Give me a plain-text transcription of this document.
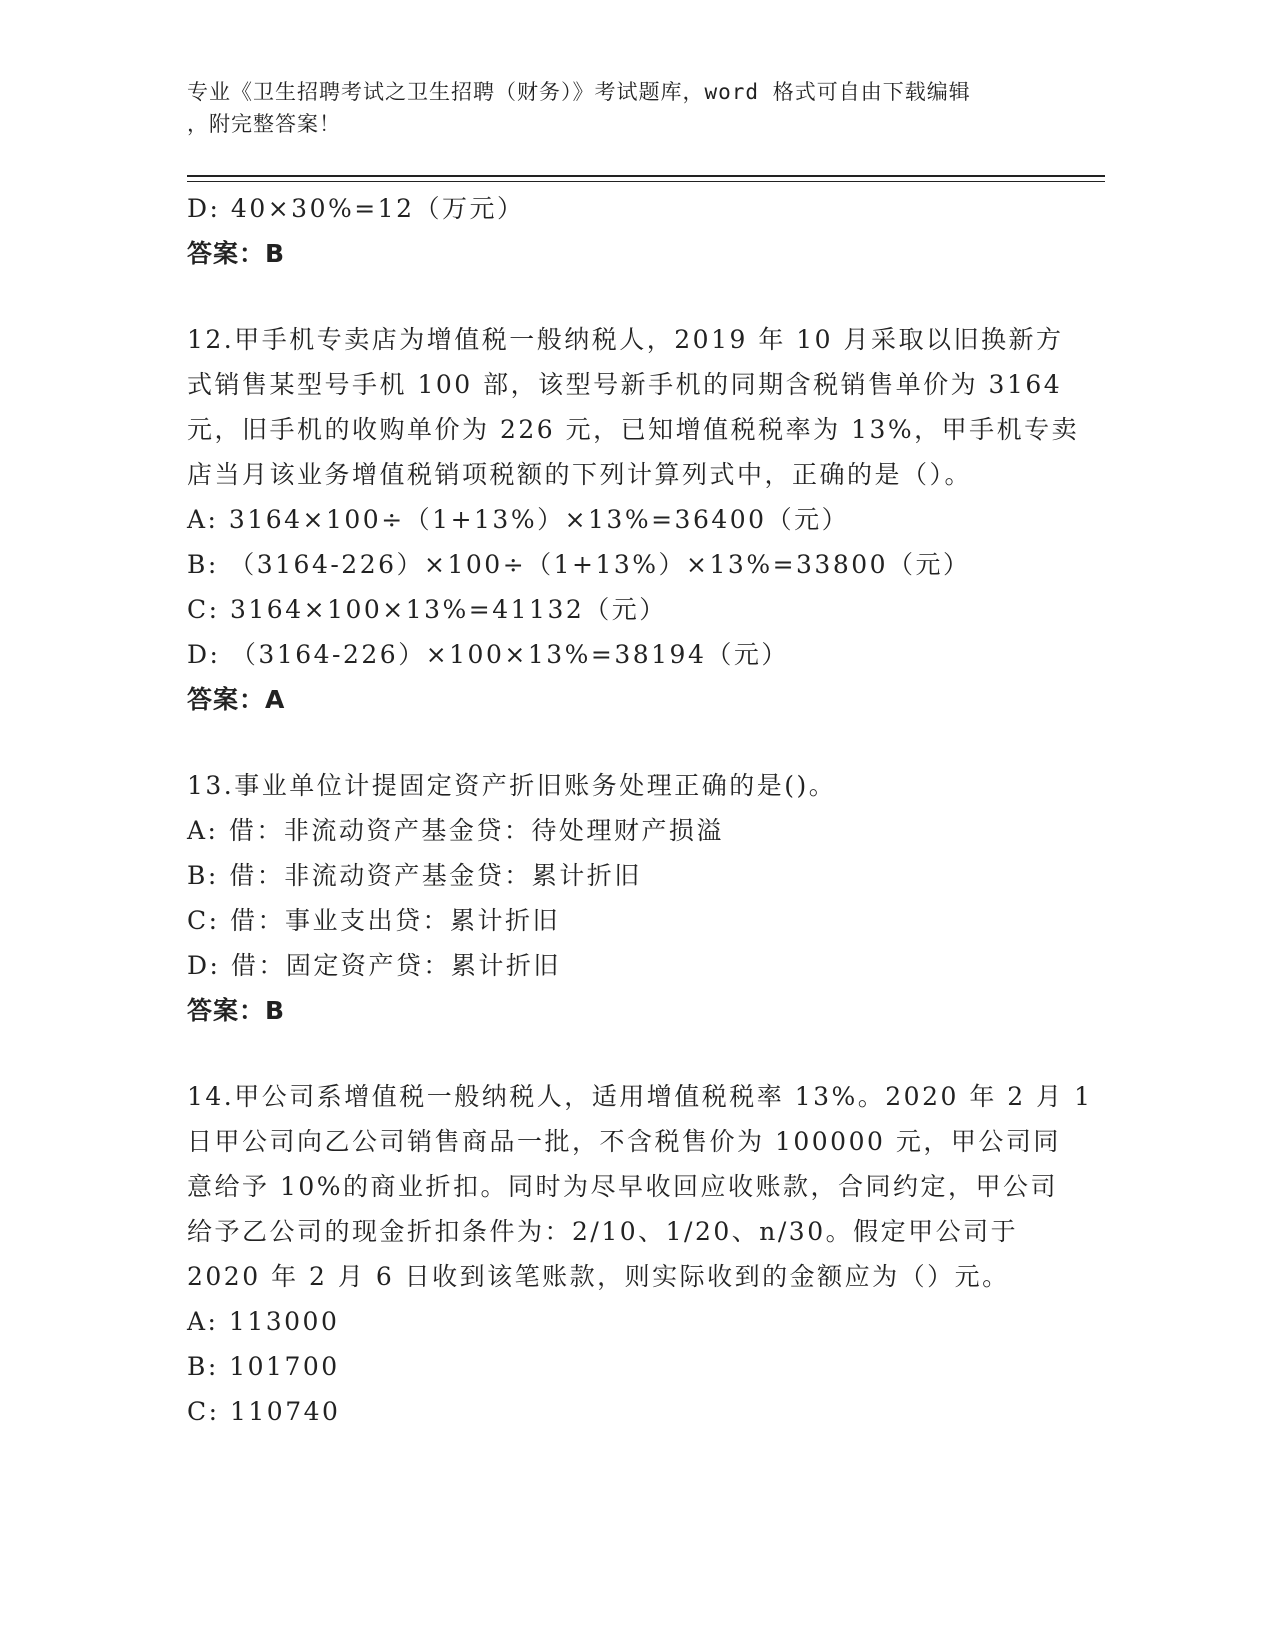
专业《卫生招聘考试之卫生招聘（财务）》考试题库，word 格式可自由下载编辑
，附完整答案！
D: 40×30%=12（万元）
答案：B
12.甲手机专卖店为增值税一般纳税人，2019 年 10 月采取以旧换新方
式销售某型号手机 100 部，该型号新手机的同期含税销售单价为 3164
元，旧手机的收购单价为 226 元，已知增值税税率为 13%，甲手机专卖
店当月该业务增值税销项税额的下列计算列式中，正确的是（）。
A: 3164×100÷（1+13%）×13%=36400（元）
B: （3164-226）×100÷（1+13%）×13%=33800（元）
C: 3164×100×13%=41132（元）
D: （3164-226）×100×13%=38194（元）
答案：A
13.事业单位计提固定资产折旧账务处理正确的是()。
A: 借：非流动资产基金贷：待处理财产损溢
B: 借：非流动资产基金贷：累计折旧
C: 借：事业支出贷：累计折旧
D: 借：固定资产贷：累计折旧
答案：B
14.甲公司系增值税一般纳税人，适用增值税税率 13%。2020 年 2 月 1
日甲公司向乙公司销售商品一批，不含税售价为 100000 元，甲公司同
意给予 10%的商业折扣。同时为尽早收回应收账款，合同约定，甲公司
给予乙公司的现金折扣条件为：2/10、1/20、n/30。假定甲公司于
2020 年 2 月 6 日收到该笔账款，则实际收到的金额应为（）元。
A: 113000
B: 101700
C: 110740
